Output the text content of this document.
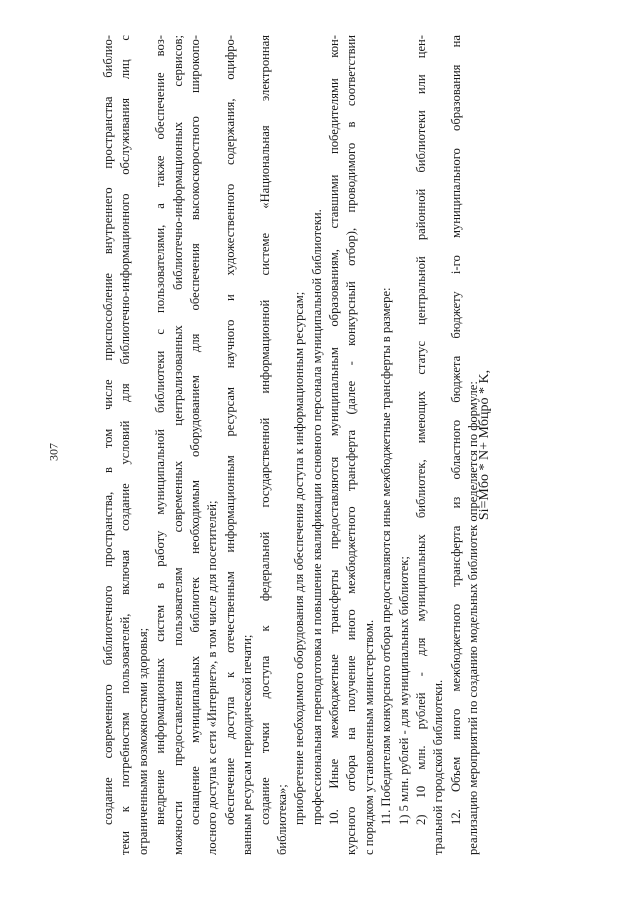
307	создание современного библиотечного пространства, в том числе приспособление внутреннего пространства библио- теки к потребностям пользователей, включая создание условий для библиотечно-информационного обслуживания лиц с ограниченными возможностями здоровья; внедрение информационных систем в работу муниципальной библиотеки с пользователями, а также обеспечение воз- можности предоставления пользователям современных централизованных библиотечно-информационных сервисов; оснащение муниципальных библиотек необходимым оборудованием для обеспечения высокоскоростного широкопо- лосного доступа к сети «Интернет», в том числе для посетителей; обеспечение доступа к отечественным информационным ресурсам научного и художественного содержания, оцифро- ванным ресурсам периодической печати; создание точки доступа к федеральной государственной информационной системе «Национальная электронная библиотека»; приобретение необходимого оборудования для обеспечения доступа к информационным ресурсам; профессиональная переподготовка и повышение квалификации основного персонала муниципальной библиотеки. 10. Иные межбюджетные трансферты предоставляются муниципальным образованиям, ставшими победителями кон- курсного отбора на получение иного межбюджетного трансферта (далее - конкурсный отбор), проводимого в соответствии с порядком установленным министерством. 11. Победителям конкурсного отбора предоставляются иные межбюджетные трансферты в размере: 1) 5 млн. рублей - для муниципальных библиотек; 2) 10 млн. рублей - для муниципальных библиотек, имеющих статус центральной районной библиотеки или цен- тральной городской библиотеки. 12. Объем иного межбюджетного трансферта из областного бюджета бюджету i-го муниципального образования на реализацию мероприятий по созданию модельных библиотек определяется по формуле:
Si=Mбо * N+ Mбцро * K,
